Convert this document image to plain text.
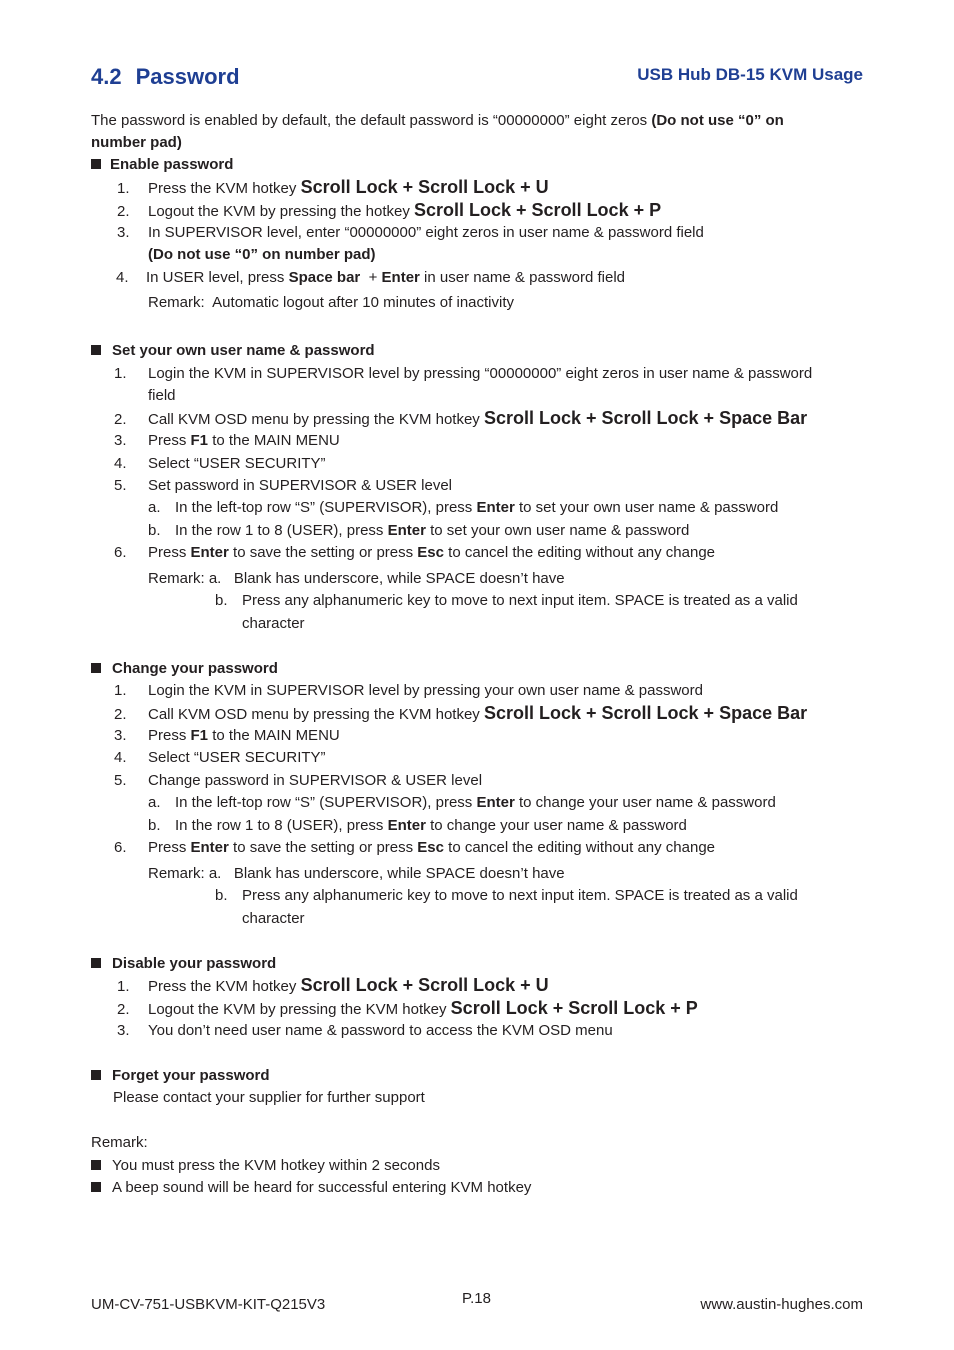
4.2 Password	USB Hub DB-15 KVM Usage
The password is enabled by default, the default password is “00000000” eight zeros (Do not use “0” on
number pad)
Enable password
1. Press the KVM hotkey Scroll Lock + Scroll Lock + U
2. Logout the KVM by pressing the hotkey Scroll Lock + Scroll Lock + P
3. In SUPERVISOR level, enter “00000000” eight zeros in user name & password field
(Do not use “0” on number pad)
4. In USER level, press Space bar  + Enter in user name & password field
Remark:  Automatic logout after 10 minutes of inactivity
Set your own user name & password
1. Login the KVM in SUPERVISOR level by pressing “00000000” eight zeros in user name & password
field
2. Call KVM OSD menu by pressing the KVM hotkey Scroll Lock + Scroll Lock + Space Bar
3. Press F1 to the MAIN MENU
4. Select “USER SECURITY”
5. Set password in SUPERVISOR & USER level
a. In the left-top row “S” (SUPERVISOR), press Enter to set your own user name & password
b. In the row 1 to 8 (USER), press Enter to set your own user name & password
6. Press Enter to save the setting or press Esc to cancel the editing without any change
Remark: a.   Blank has underscore, while SPACE doesn’t have
b. Press any alphanumeric key to move to next input item. SPACE is treated as a valid
character
Change your password
1. Login the KVM in SUPERVISOR level by pressing your own user name & password
2. Call KVM OSD menu by pressing the KVM hotkey Scroll Lock + Scroll Lock + Space Bar
3. Press F1 to the MAIN MENU
4. Select “USER SECURITY”
5. Change password in SUPERVISOR & USER level
a. In the left-top row “S” (SUPERVISOR), press Enter to change your user name & password
b. In the row 1 to 8 (USER), press Enter to change your user name & password
6. Press Enter to save the setting or press Esc to cancel the editing without any change
Remark: a.   Blank has underscore, while SPACE doesn’t have
b. Press any alphanumeric key to move to next input item. SPACE is treated as a valid
character
Disable your password
1. Press the KVM hotkey Scroll Lock + Scroll Lock + U
2. Logout the KVM by pressing the KVM hotkey Scroll Lock + Scroll Lock + P
3. You don’t need user name & password to access the KVM OSD menu
Forget your password
Please contact your supplier for further support
Remark:
You must press the KVM hotkey within 2 seconds
A beep sound will be heard for successful entering KVM hotkey
UM-CV-751-USBKVM-KIT-Q215V3	P.18	www.austin-hughes.com
